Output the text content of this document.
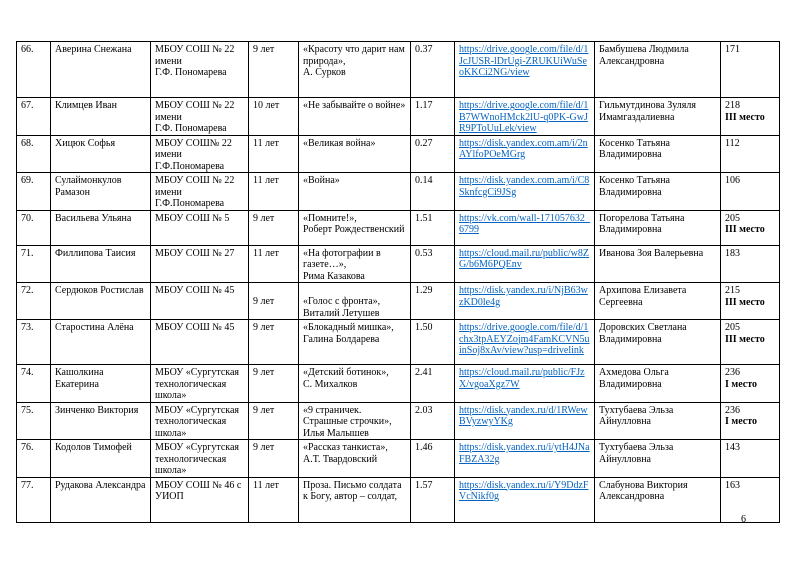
66.	Аверина Снежана	МБОУ СОШ № 22 имени
Г.Ф. Пономарева	9 лет	«Красоту что дарит нам природа»,
А. Сурков	0.37	https://drive.google.com/file/d/1JcJUSR-lDrUgi-ZRUKUiWuSeoKKCi2NG/view	Бамбушева Людмила Александровна	171
67.	Климцев Иван	МБОУ СОШ № 22 имени
Г.Ф. Пономарева	10 лет	«Не забывайте о войне»	1.17	https://drive.google.com/file/d/1B7WWnoHMck2lU-q0PK-GwJR9PToUuLek/view	Гильмутдинова Зуляля Имамгаздалиевна	218
III место

68.	Хицюк Софья	МБОУ СОШ№ 22 имени
Г.Ф.Пономарева	11 лет	«Великая война»	0.27	https://disk.yandex.com.am/i/2nAYlfoPOeMGrg	Косенко Татьяна Владимировна	112
69.	Сулаймонкулов Рамазон	МБОУ СОШ № 22 имени
Г.Ф.Пономарева	11 лет	«Война»	0.14	https://disk.yandex.com.am/i/C8SknfcgCi9JSg	Косенко Татьяна Владимировна	106
70.	Васильева Ульяна	МБОУ СОШ № 5	9 лет	«Помните!»,
Роберт Рождественский	1.51	https://vk.com/wall-171057632_6799	Погорелова Татьяна Владимировна	205
III место

71.	Филлипова Таисия	МБОУ СОШ № 27	11 лет	«На фотографии в газете…»,
Рима Казакова	0.53	https://cloud.mail.ru/public/w8ZG/b6M6PQEnv	Иванова Зоя Валерьевна	183
72.	Сердюков Ростислав	МБОУ СОШ № 45	9 лет	«Голос с фронта»,
Виталий Летушев	1.29	https://disk.yandex.ru/i/NjB63wzKD0le4g	Архипова Елизавета Сергеевна	215
III место

73.	Старостина Алёна	МБОУ СОШ № 45	9 лет	«Блокадный мишка»,
Галина Болдарева	1.50	https://drive.google.com/file/d/1chx3tpAEYZojm4FamKCVN5uinSoj8xAv/view?usp=drivelink	Доровских Светлана Владимировна	205
III место

74.	Кашолкина Екатерина	МБОУ «Сургутская технологическая школа»	9 лет	«Детский ботинок»,
С. Михалков	2.41	https://cloud.mail.ru/public/FJzX/vgoaXgz7W	Ахмедова Ольга Владимировна	236
I место

75.	Зинченко Виктория	МБОУ «Сургутская технологическая школа»	9 лет	«9 страничек. Страшные строчки»,
Илья Малышев	2.03	https://disk.yandex.ru/d/1RWewBVyzwyYKg	Тухтубаева Эльза Айнулловна	236
I место

76.	Кодолов Тимофей	МБОУ «Сургутская технологическая школа»	9 лет	«Рассказ танкиста»,
А.Т. Твардовский	1.46	https://disk.yandex.ru/i/ytH4JNaFBZA32g	Тухтубаева Эльза Айнулловна	143
77.	Рудакова Александра	МБОУ СОШ № 46 с УИОП	11 лет	Проза. Письмо солдата к Богу, автор – солдат,	1.57	https://disk.yandex.ru/i/Y9DdzFVcNikf0g	Слабунова Виктория Александровна	163
6
